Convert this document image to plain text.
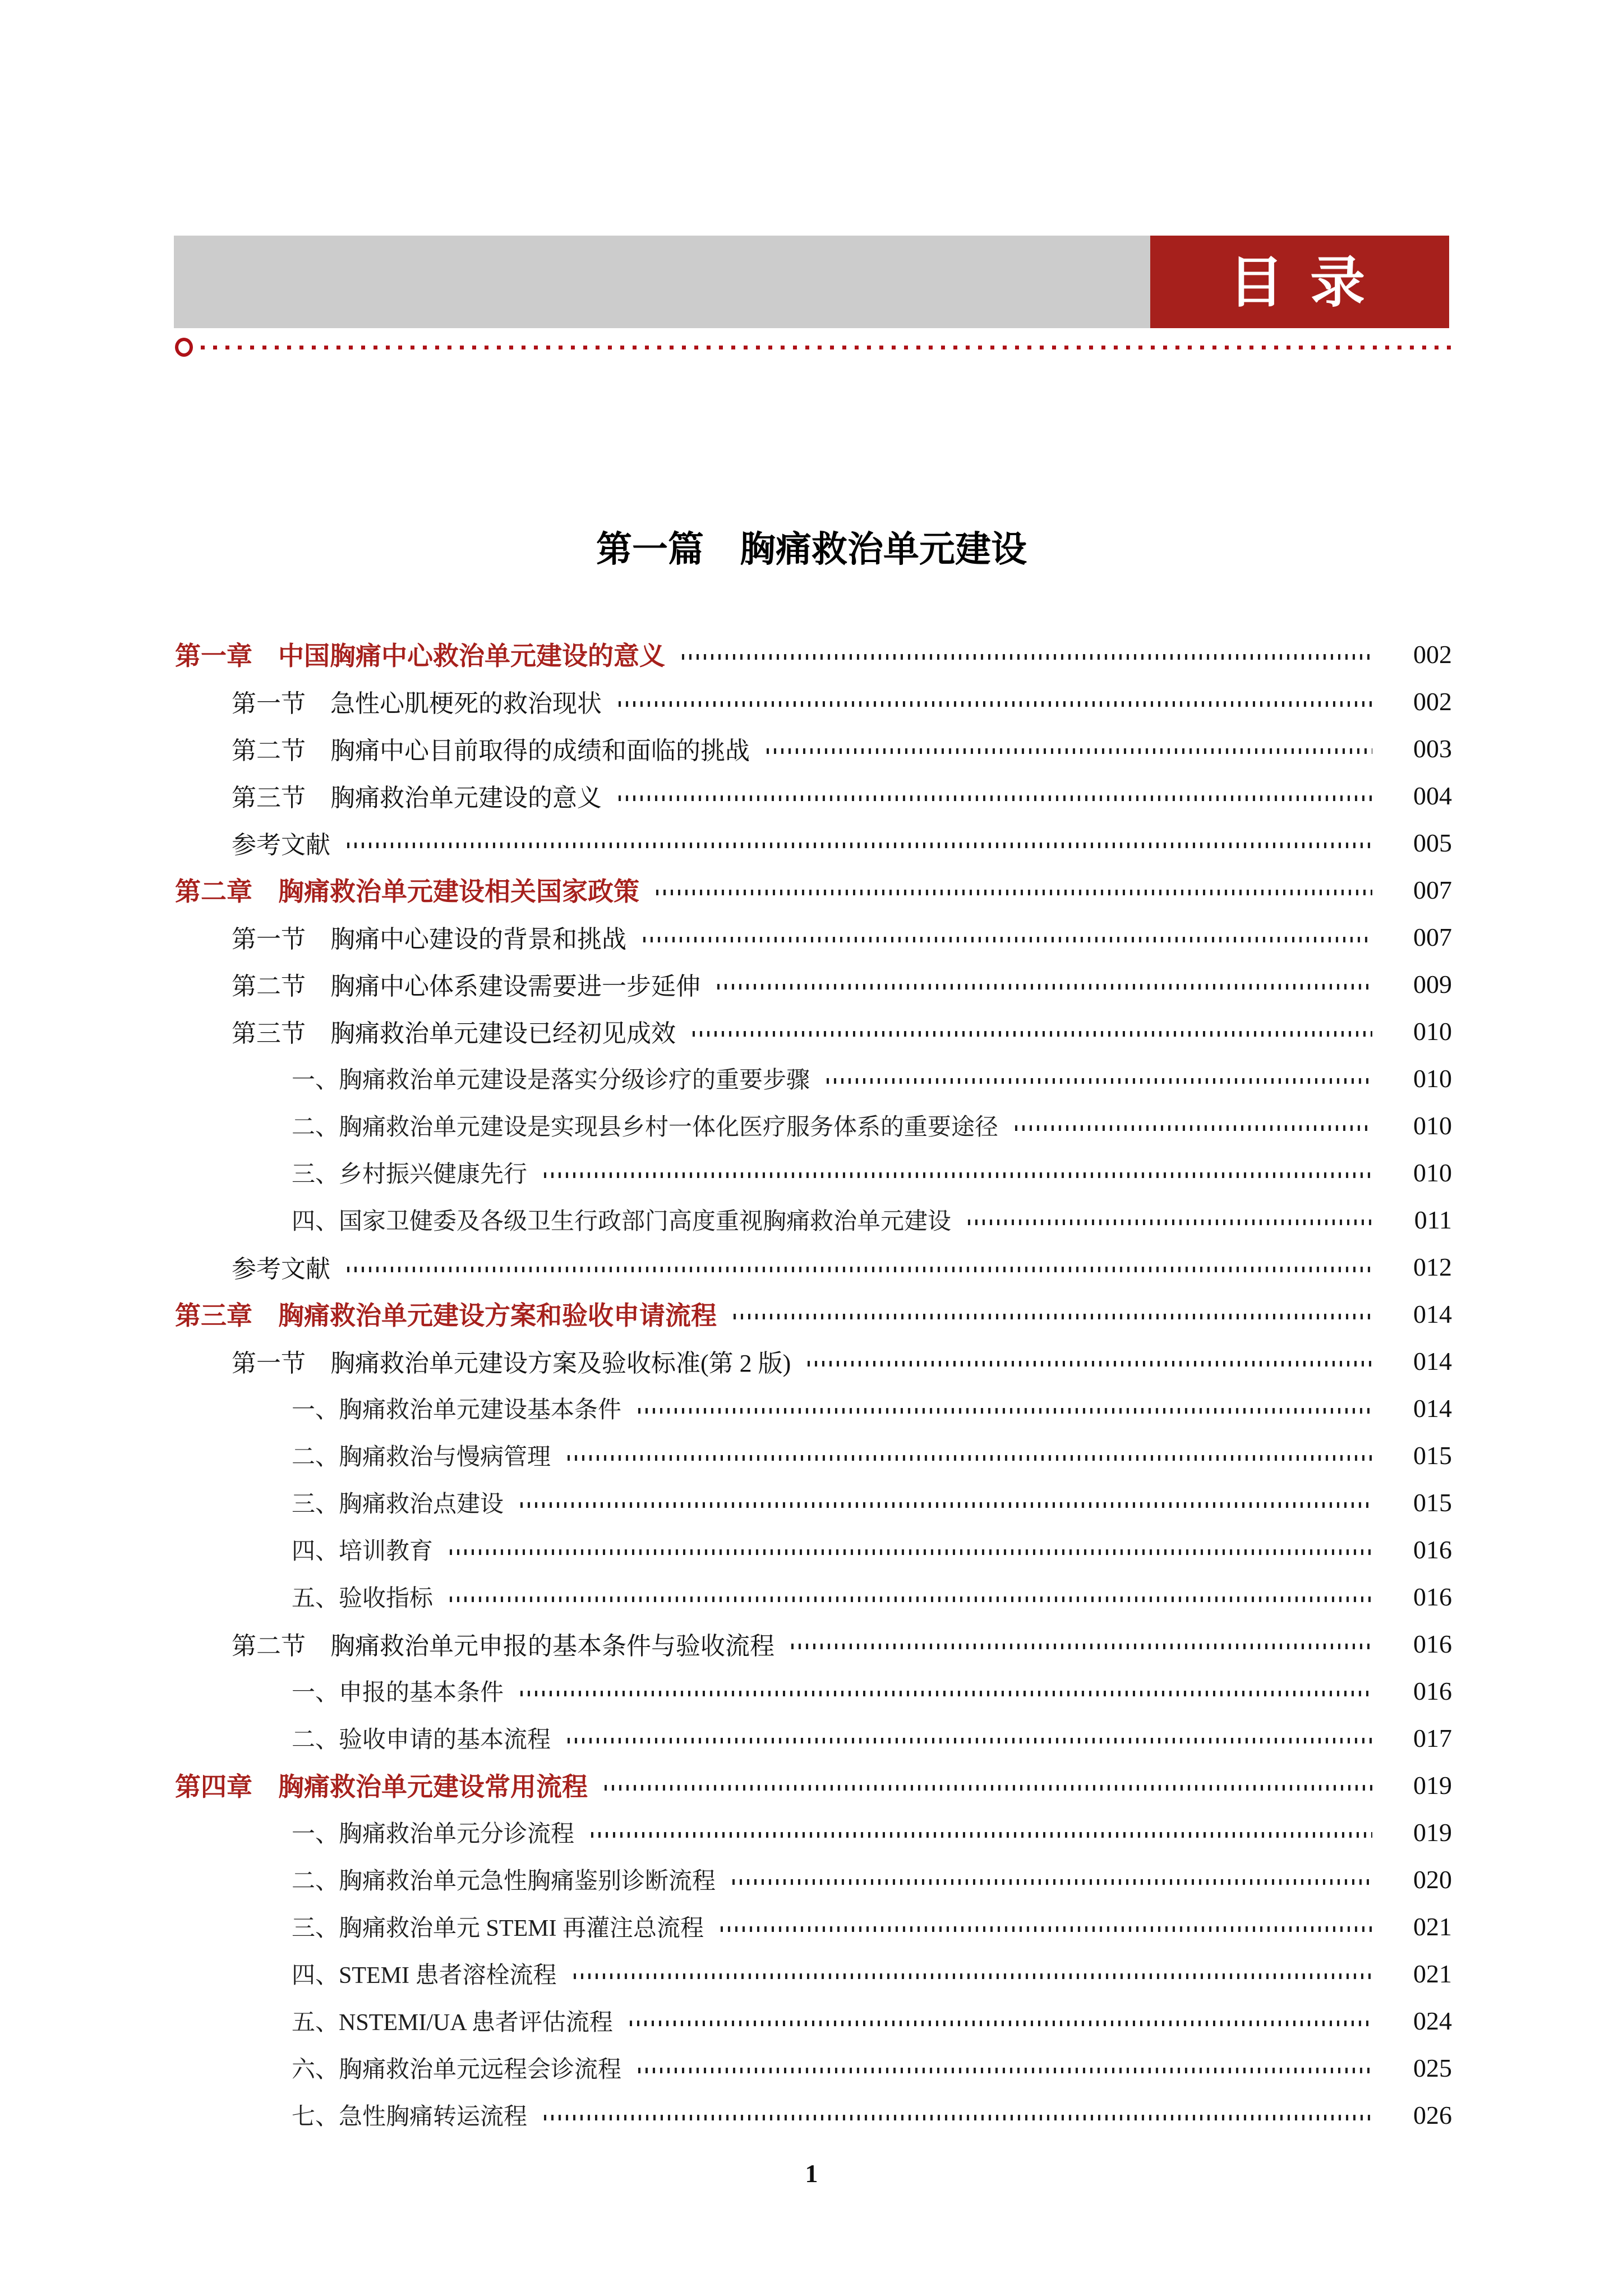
目 录
第一篇　胸痛救治单元建设
第一章　中国胸痛中心救治单元建设的意义	002
第一节　急性心肌梗死的救治现状	002
第二节　胸痛中心目前取得的成绩和面临的挑战	003
第三节　胸痛救治单元建设的意义	004
参考文献	005
第二章　胸痛救治单元建设相关国家政策	007
第一节　胸痛中心建设的背景和挑战	007
第二节　胸痛中心体系建设需要进一步延伸	009
第三节　胸痛救治单元建设已经初见成效	010
一、胸痛救治单元建设是落实分级诊疗的重要步骤	010
二、胸痛救治单元建设是实现县乡村一体化医疗服务体系的重要途径	010
三、乡村振兴健康先行	010
四、国家卫健委及各级卫生行政部门高度重视胸痛救治单元建设	011
参考文献	012
第三章　胸痛救治单元建设方案和验收申请流程	014
第一节　胸痛救治单元建设方案及验收标准(第 2 版)	014
一、胸痛救治单元建设基本条件	014
二、胸痛救治与慢病管理	015
三、胸痛救治点建设	015
四、培训教育	016
五、验收指标	016
第二节　胸痛救治单元申报的基本条件与验收流程	016
一、申报的基本条件	016
二、验收申请的基本流程	017
第四章　胸痛救治单元建设常用流程	019
一、胸痛救治单元分诊流程	019
二、胸痛救治单元急性胸痛鉴别诊断流程	020
三、胸痛救治单元 STEMI 再灌注总流程	021
四、STEMI 患者溶栓流程	021
五、NSTEMI/UA 患者评估流程	024
六、胸痛救治单元远程会诊流程	025
七、急性胸痛转运流程	026
1
